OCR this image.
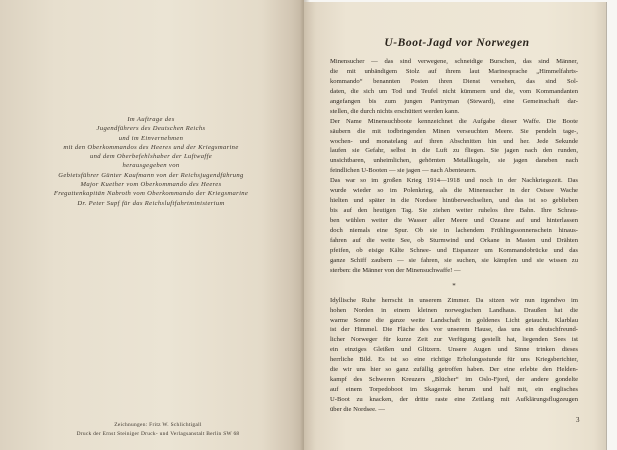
Im Auftrage des
Jugendführers des Deutschen Reichs
und im Einvernehmen
mit den Oberkommandos des Heeres und der Kriegsmarine
und dem Oberbefehlshaber der Luftwaffe
herausgegeben von
Gebietsführer Günter Kaufmann von der Reichsjugendführung
Major Kuether vom Oberkommando des Heeres
Fregattenkapitän Nabroth vom Oberkommando der Kriegsmarine
Dr. Peter Supf für das Reichsluftfahrtministerium
Zeichnungen: Fritz W. Schlichtigall
Druck der Ernst Steiniger Druck- und Verlagsanstalt Berlin SW 68
U-Boot-Jagd vor Norwegen
Minensucher — das sind verwegene, schneidige Burschen, das sind Männer,
die mit unbändigem Stolz auf ihrem laut Marinesprache „Himmelfahrts-
kommando“ benannten Posten ihren Dienst versehen, das sind Sol-
daten, die sich um Tod und Teufel nicht kümmern und die, vom Kommandanten
angefangen bis zum jungen Pantryman (Steward), eine Gemeinschaft dar-
stellen, die durch nichts erschüttert werden kann.
Der Name Minensuchboote kennzeichnet die Aufgabe dieser Waffe. Die Boote
säubern die mit todbringenden Minen verseuchten Meere. Sie pendeln tage-,
wochen- und monatelang auf ihren Abschnitten hin und her. Jede Sekunde
laufen sie Gefahr, selbst in die Luft zu fliegen. Sie jagen nach den runden,
unsichtbaren, unheimlichen, gehörnten Metallkugeln, sie jagen daneben nach
feindlichen U-Booten — sie jagen — nach Abenteuern.
Das war so im großen Krieg 1914—1918 und noch in der Nachkriegszeit. Das
wurde wieder so im Polenkrieg, als die Minensucher in der Ostsee Wache
hielten und später in die Nordsee hinüberwechselten, und das ist so geblieben
bis auf den heutigen Tag. Sie ziehen weiter ruhelos ihre Bahn. Ihre Schrau-
ben wühlen weiter die Wasser aller Meere und Ozeane auf und hinterlassen
doch niemals eine Spur. Ob sie in lachendem Frühlingssonnenschein hinaus-
fahren auf die weite See, ob Sturmwind und Orkane in Masten und Drähten
pfeifen, ob eisige Kälte Schnee- und Eispanzer um Kommandobrücke und das
ganze Schiff zaubern — sie fahren, sie suchen, sie kämpfen und sie wissen zu
sterben: die Männer von der Minensuchwaffe! —
*
Idyllische Ruhe herrscht in unserem Zimmer. Da sitzen wir nun irgendwo im
hohen Norden in einem kleinen norwegischen Landhaus. Draußen hat die
warme Sonne die ganze weite Landschaft in goldenes Licht getaucht. Klarblau
ist der Himmel. Die Fläche des vor unserem Hause, das uns ein deutschfreund-
licher Norweger für kurze Zeit zur Verfügung gestellt hat, liegenden Sees ist
ein einziges Gleißen und Glitzern. Unsere Augen und Sinne trinken dieses
herrliche Bild. Es ist so eine richtige Erholungsstunde für uns Kriegsberichter,
die wir uns hier so ganz zufällig getroffen haben. Der eine erlebte den Helden-
kampf des Schweren Kreuzers „Blücher“ im Oslo-Fjord, der andere gondelte
auf einem Torpedoboot im Skagerrak herum und half mit, ein englisches
U-Boot zu knacken, der dritte raste eine Zeitlang mit Aufklärungsflugzeugen
über die Nordsee. —
3
